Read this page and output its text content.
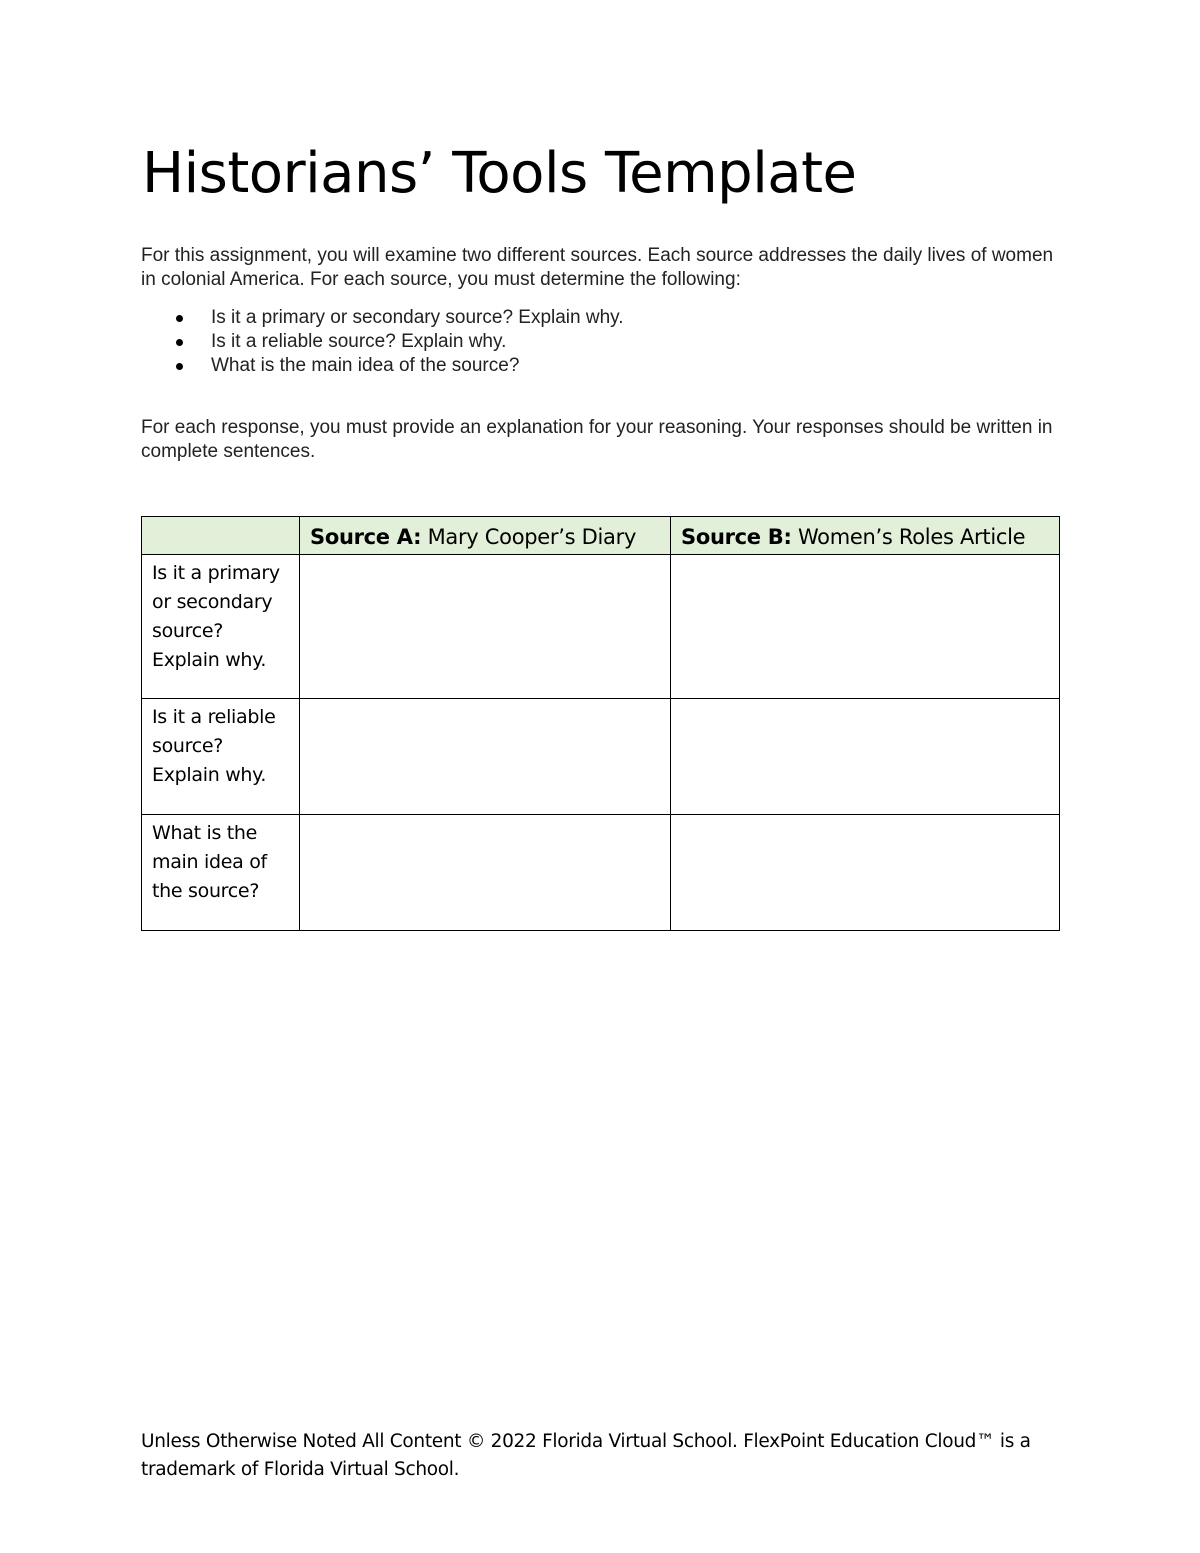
Historians’ Tools Template

For this assignment, you will examine two different sources. Each source addresses the daily lives of women in colonial America. For each source, you must determine the following:

Is it a primary or secondary source? Explain why.
Is it a reliable source? Explain why.
What is the main idea of the source?

For each response, you must provide an explanation for your reasoning. Your responses should be written in complete sentences.

	Source A: Mary Cooper’s Diary	Source B: Women’s Roles Article
Is it a primary or secondary source? Explain why.		
Is it a reliable source? Explain why.		
What is the main idea of the source?		

Unless Otherwise Noted All Content © 2022 Florida Virtual School. FlexPoint Education Cloud™ is a trademark of Florida Virtual School.
